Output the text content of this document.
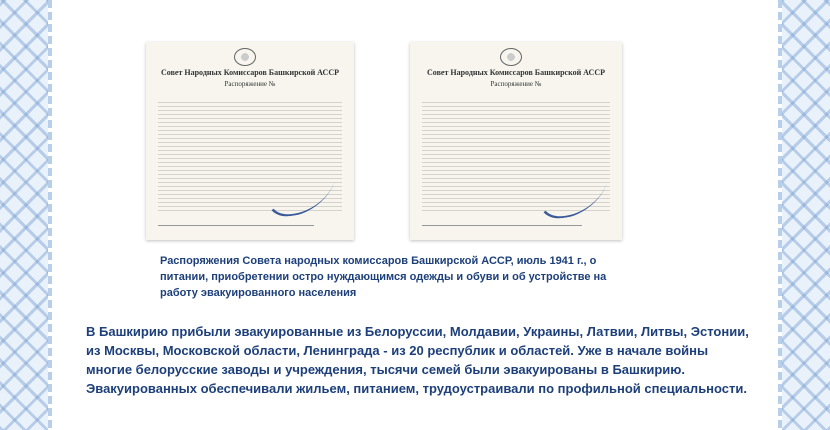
Совет Народных Комиссаров Башкирской АССР
Распоряжение №
Совет Народных Комиссаров Башкирской АССР
Распоряжение №
Распоряжения Совета народных комиссаров Башкирской АССР, июль 1941 г., о питании, приобретении остро нуждающимся одежды и обуви и об устройстве на работу эвакуированного населения
В Башкирию прибыли эвакуированные из Белоруссии, Молдавии, Украины, Латвии, Литвы, Эстонии, из Москвы, Московской области, Ленинграда - из 20 республик и областей. Уже в начале войны многие белорусские заводы и учреждения, тысячи семей были эвакуированы в Башкирию. Эвакуированных обеспечивали жильем, питанием, трудоустраивали по профильной специальности.
